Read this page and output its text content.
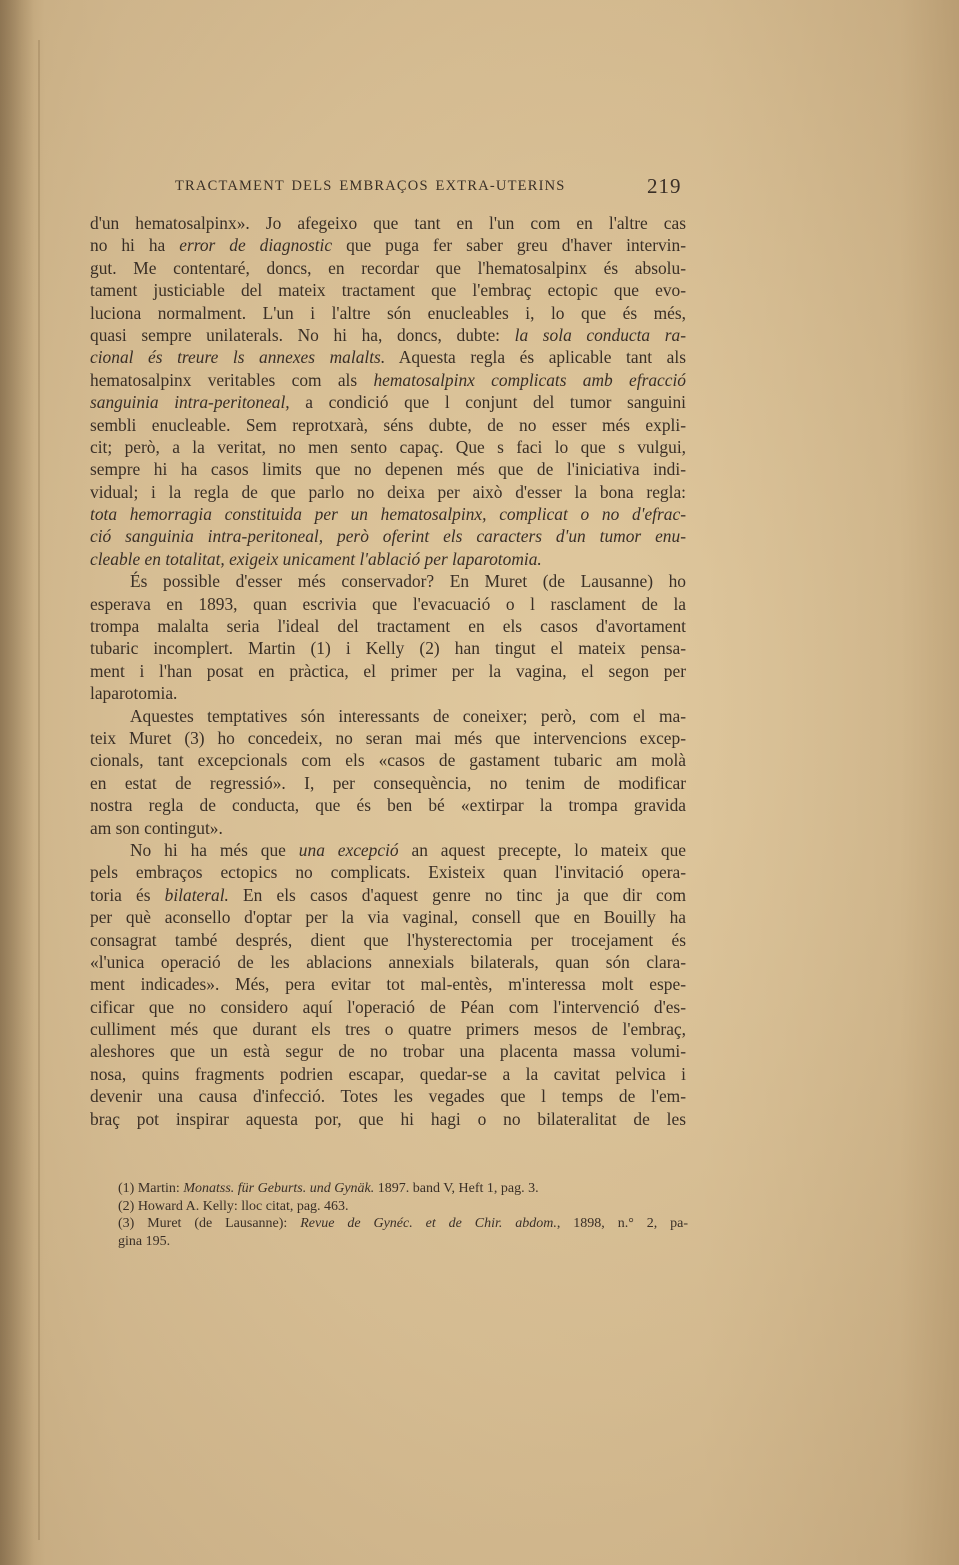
TRACTAMENT DELS EMBRAÇOS EXTRA-UTERINS	219
d'un hematosalpinx». Jo afegeixo que tant en l'un com en l'altre cas
no hi ha error de diagnostic que puga fer saber greu d'haver intervin-
gut. Me contentaré, doncs, en recordar que l'hematosalpinx és absolu-
tament justiciable del mateix tractament que l'embraç ectopic que evo-
luciona normalment. L'un i l'altre són enucleables i, lo que és més,
quasi sempre unilaterals. No hi ha, doncs, dubte: la sola conducta ra-
cional és treure ls annexes malalts. Aquesta regla és aplicable tant als
hematosalpinx veritables com als hematosalpinx complicats amb efracció
sanguinia intra-peritoneal, a condició que l conjunt del tumor sanguini
sembli enucleable. Sem reprotxarà, séns dubte, de no esser més expli-
cit; però, a la veritat, no men sento capaç. Que s faci lo que s vulgui,
sempre hi ha casos limits que no depenen més que de l'iniciativa indi-
vidual; i la regla de que parlo no deixa per això d'esser la bona regla:
tota hemorragia constituida per un hematosalpinx, complicat o no d'efrac-
ció sanguinia intra-peritoneal, però oferint els caracters d'un tumor enu-
cleable en totalitat, exigeix unicament l'ablació per laparotomia.
És possible d'esser més conservador? En Muret (de Lausanne) ho
esperava en 1893, quan escrivia que l'evacuació o l rasclament de la
trompa malalta seria l'ideal del tractament en els casos d'avortament
tubaric incomplert. Martin (1) i Kelly (2) han tingut el mateix pensa-
ment i l'han posat en pràctica, el primer per la vagina, el segon per
laparotomia.
Aquestes temptatives són interessants de coneixer; però, com el ma-
teix Muret (3) ho concedeix, no seran mai més que intervencions excep-
cionals, tant excepcionals com els «casos de gastament tubaric am molà
en estat de regressió». I, per consequència, no tenim de modificar
nostra regla de conducta, que és ben bé «extirpar la trompa gravida
am son contingut».
No hi ha més que una excepció an aquest precepte, lo mateix que
pels embraços ectopics no complicats. Existeix quan l'invitació opera-
toria és bilateral. En els casos d'aquest genre no tinc ja que dir com
per què aconsello d'optar per la via vaginal, consell que en Bouilly ha
consagrat també després, dient que l'hysterectomia per trocejament és
«l'unica operació de les ablacions annexials bilaterals, quan són clara-
ment indicades». Més, pera evitar tot mal-entès, m'interessa molt espe-
cificar que no considero aquí l'operació de Péan com l'intervenció d'es-
culliment més que durant els tres o quatre primers mesos de l'embraç,
aleshores que un està segur de no trobar una placenta massa volumi-
nosa, quins fragments podrien escapar, quedar-se a la cavitat pelvica i
devenir una causa d'infecció. Totes les vegades que l temps de l'em-
braç pot inspirar aquesta por, que hi hagi o no bilateralitat de les
(1) Martin: Monatss. für Geburts. und Gynäk. 1897. band V, Heft 1, pag. 3.
(2) Howard A. Kelly: lloc citat, pag. 463.
(3) Muret (de Lausanne): Revue de Gynéc. et de Chir. abdom., 1898, n.° 2, pa-
gina 195.
